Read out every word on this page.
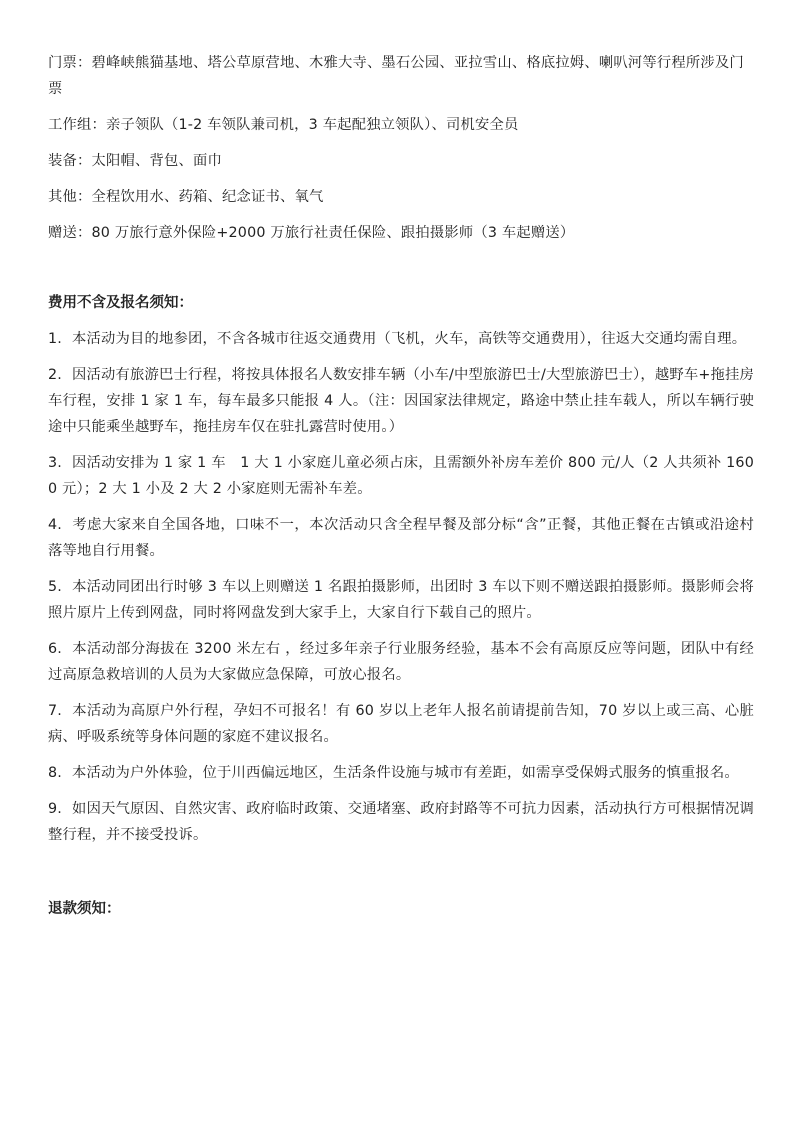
门票：碧峰峡熊猫基地、塔公草原营地、木雅大寺、墨石公园、亚拉雪山、格底拉姆、喇叭河等行程所涉及门票

工作组：亲子领队（1-2 车领队兼司机，3 车起配独立领队）、司机安全员

装备：太阳帽、背包、面巾

其他：全程饮用水、药箱、纪念证书、氧气

赠送：80 万旅行意外保险+2000 万旅行社责任保险、跟拍摄影师（3 车起赠送）

费用不含及报名须知：

1. 本活动为目的地参团，不含各城市往返交通费用（飞机，火车，高铁等交通费用），往返大交通均需自理。

2. 因活动有旅游巴士行程，将按具体报名人数安排车辆（小车/中型旅游巴士/大型旅游巴士），越野车+拖挂房车行程，安排 1 家 1 车，每车最多只能报 4 人。（注：因国家法律规定，路途中禁止挂车载人，所以车辆行驶途中只能乘坐越野车，拖挂房车仅在驻扎露营时使用。）

3. 因活动安排为 1 家 1 车　1 大 1 小家庭儿童必须占床，且需额外补房车差价 800 元/人（2 人共须补 1600 元）；2 大 1 小及 2 大 2 小家庭则无需补车差。

4. 考虑大家来自全国各地，口味不一，本次活动只含全程早餐及部分标“含”正餐，其他正餐在古镇或沿途村落等地自行用餐。

5. 本活动同团出行时够 3 车以上则赠送 1 名跟拍摄影师，出团时 3 车以下则不赠送跟拍摄影师。摄影师会将照片原片上传到网盘，同时将网盘发到大家手上，大家自行下载自己的照片。

6. 本活动部分海拔在 3200 米左右 ，经过多年亲子行业服务经验，基本不会有高原反应等问题，团队中有经过高原急救培训的人员为大家做应急保障，可放心报名。

7. 本活动为高原户外行程，孕妇不可报名！有 60 岁以上老年人报名前请提前告知，70 岁以上或三高、心脏病、呼吸系统等身体问题的家庭不建议报名。

8. 本活动为户外体验，位于川西偏远地区，生活条件设施与城市有差距，如需享受保姆式服务的慎重报名。

9. 如因天气原因、自然灾害、政府临时政策、交通堵塞、政府封路等不可抗力因素，活动执行方可根据情况调整行程，并不接受投诉。

退款须知：
